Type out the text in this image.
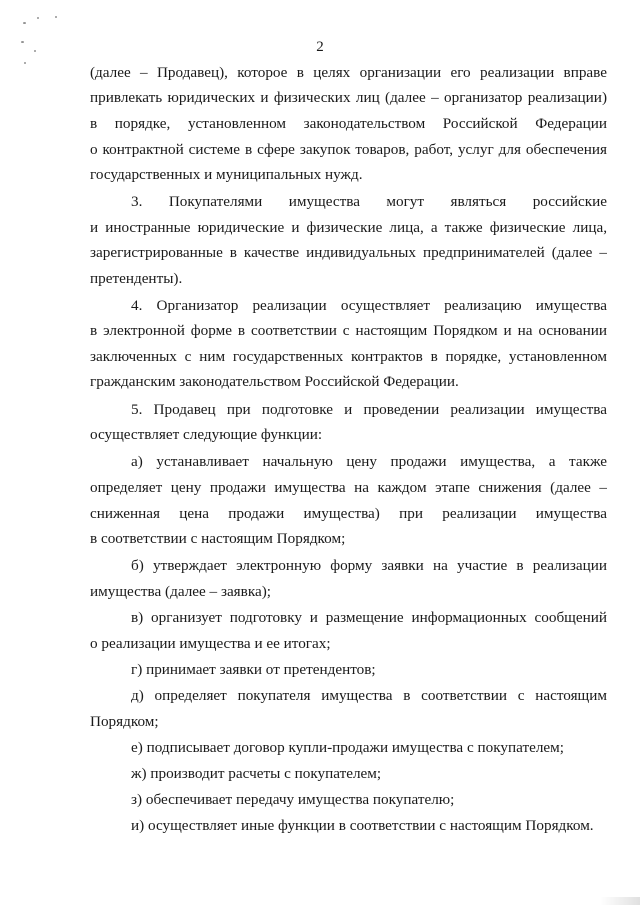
2
(далее – Продавец), которое в целях организации его реализации вправе
привлекать юридических и физических лиц (далее – организатор реализации)
в порядке, установленном законодательством Российской Федерации
о контрактной системе в сфере закупок товаров, работ, услуг для обеспечения
государственных и муниципальных нужд.
3. Покупателями имущества могут являться российские
и иностранные юридические и физические лица, а также физические лица,
зарегистрированные в качестве индивидуальных предпринимателей (далее –
претенденты).
4. Организатор реализации осуществляет реализацию имущества
в электронной форме в соответствии с настоящим Порядком и на основании
заключенных с ним государственных контрактов в порядке, установленном
гражданским законодательством Российской Федерации.
5. Продавец при подготовке и проведении реализации имущества
осуществляет следующие функции:
а) устанавливает начальную цену продажи имущества, а также
определяет цену продажи имущества на каждом этапе снижения (далее –
сниженная цена продажи имущества) при реализации имущества
в соответствии с настоящим Порядком;
б) утверждает электронную форму заявки на участие в реализации
имущества (далее – заявка);
в) организует подготовку и размещение информационных сообщений
о реализации имущества и ее итогах;
г) принимает заявки от претендентов;
д) определяет покупателя имущества в соответствии с настоящим
Порядком;
е) подписывает договор купли-продажи имущества с покупателем;
ж) производит расчеты с покупателем;
з) обеспечивает передачу имущества покупателю;
и) осуществляет иные функции в соответствии с настоящим Порядком.
